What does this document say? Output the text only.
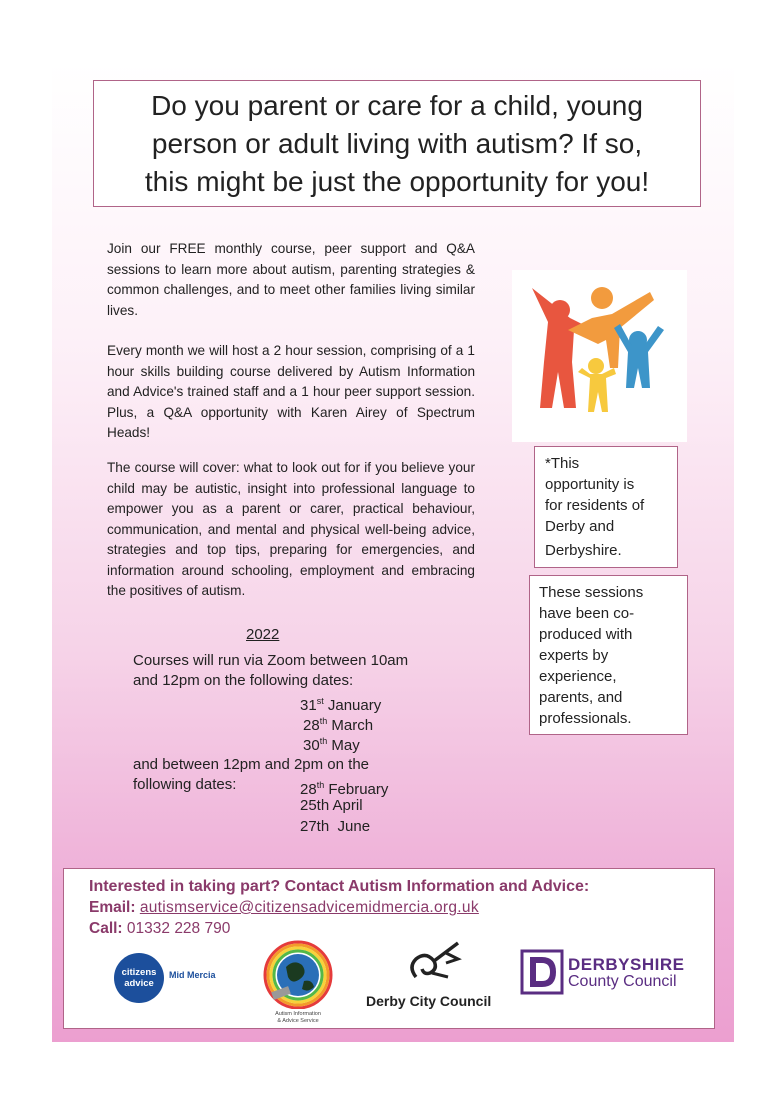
Do you parent or care for a child, young
person or adult living with autism? If so,
this might be just the opportunity for you!

Join our FREE monthly course, peer support and Q&A sessions to learn more about autism, parenting strategies & common challenges, and to meet other families living similar lives.

Every month we will host a 2 hour session, comprising of a 1 hour skills building course delivered by Autism Information and Advice's trained staff and a 1 hour peer support session. Plus, a Q&A opportunity with Karen Airey of Spectrum Heads!

The course will cover: what to look out for if you believe your child may be autistic, insight into professional language to empower you as a parent or carer, practical behaviour, communication, and mental and physical well-being advice, strategies and top tips, preparing for emergencies, and information around schooling, employment and embracing the positives of autism.

2022
Courses will run via Zoom between 10am
and 12pm on the following dates:
31st January
28th March
30th May
and between 12pm and 2pm on the
following dates:	28th February
25th April
27th June
*This
opportunity is
for residents of
Derby and
Derbyshire.
These sessions
have been co-
produced with
experts by
experience,
parents, and
professionals.
Interested in taking part? Contact Autism Information and Advice:
Email: autismservice@citizensadvicemidmercia.org.uk
Call: 01332 228 790
citizens
advice
Mid Mercia
Autism Information
& Advice Service
Derby City Council
DERBYSHIRE
County Council
